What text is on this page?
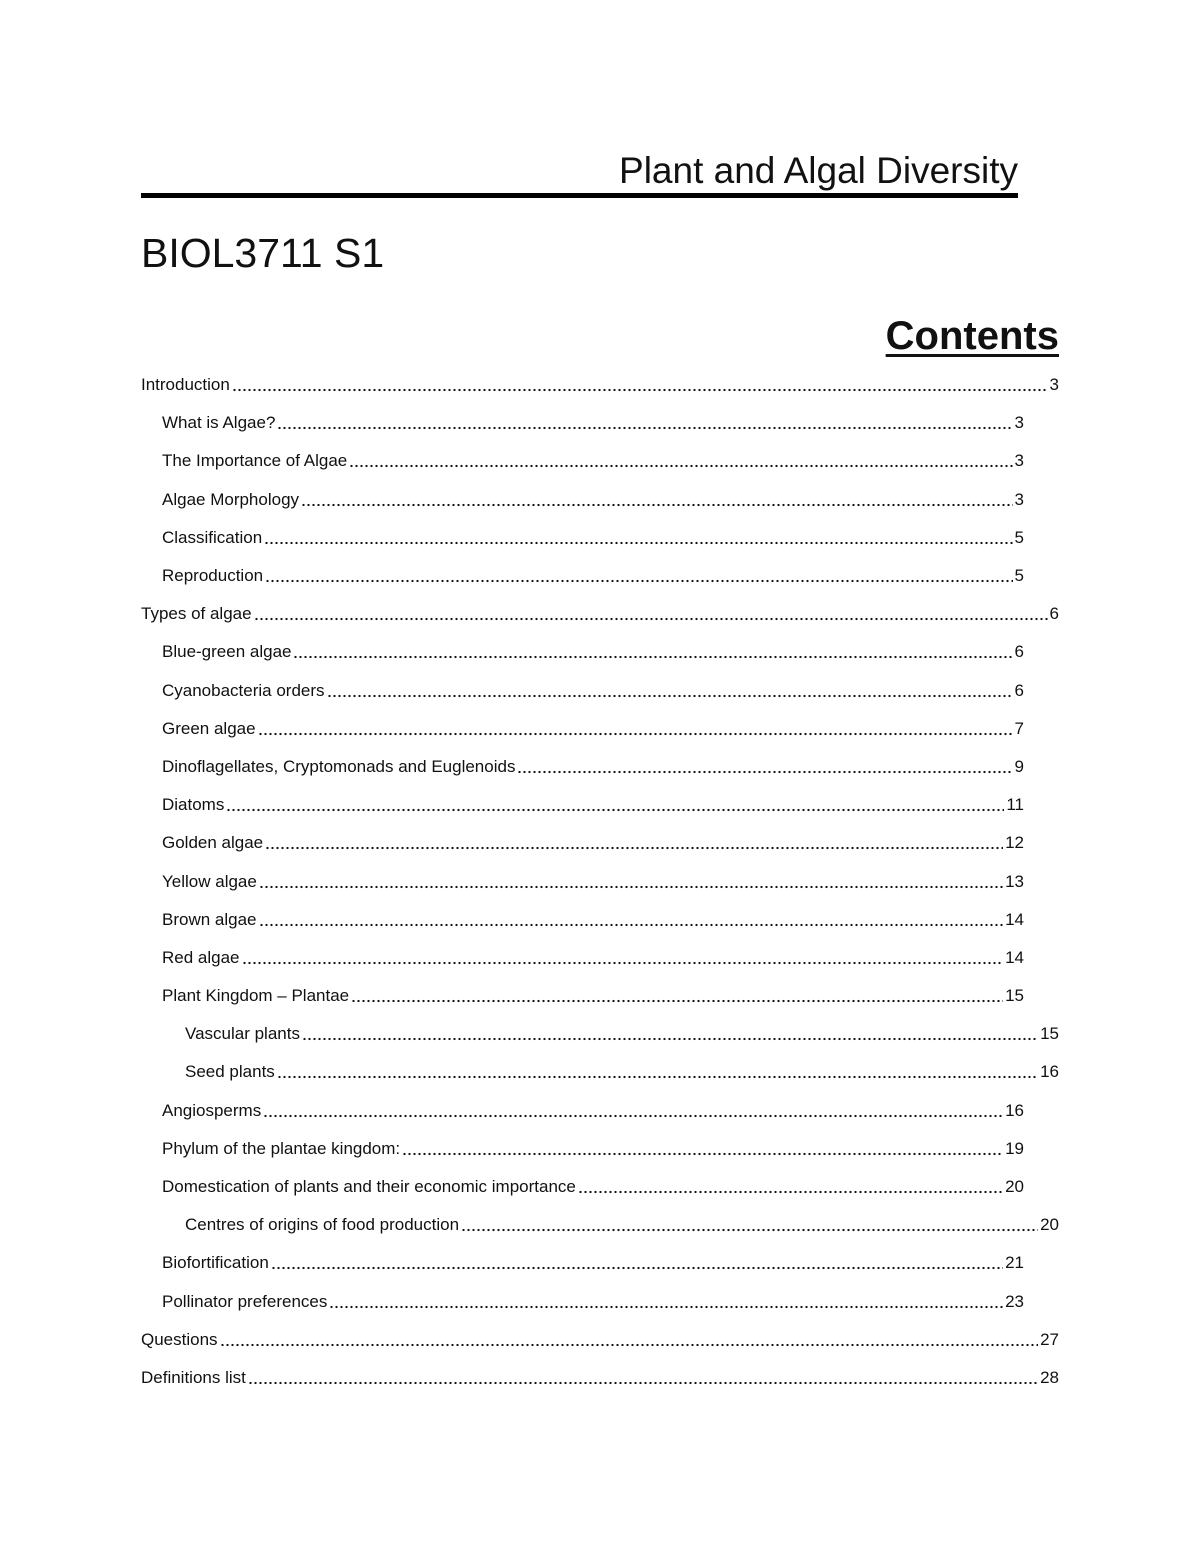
Plant and Algal Diversity
BIOL3711 S1
Contents
Introduction	3
What is Algae?	3
The Importance of Algae	3
Algae Morphology	3
Classification	5
Reproduction	5
Types of algae	6
Blue-green algae	6
Cyanobacteria orders	6
Green algae	7
Dinoflagellates, Cryptomonads and Euglenoids	9
Diatoms	11
Golden algae	12
Yellow algae	13
Brown algae	14
Red algae	14
Plant Kingdom – Plantae	15
Vascular plants	15
Seed plants	16
Angiosperms	16
Phylum of the plantae kingdom:	19
Domestication of plants and their economic importance	20
Centres of origins of food production	20
Biofortification	21
Pollinator preferences	23
Questions	27
Definitions list	28
